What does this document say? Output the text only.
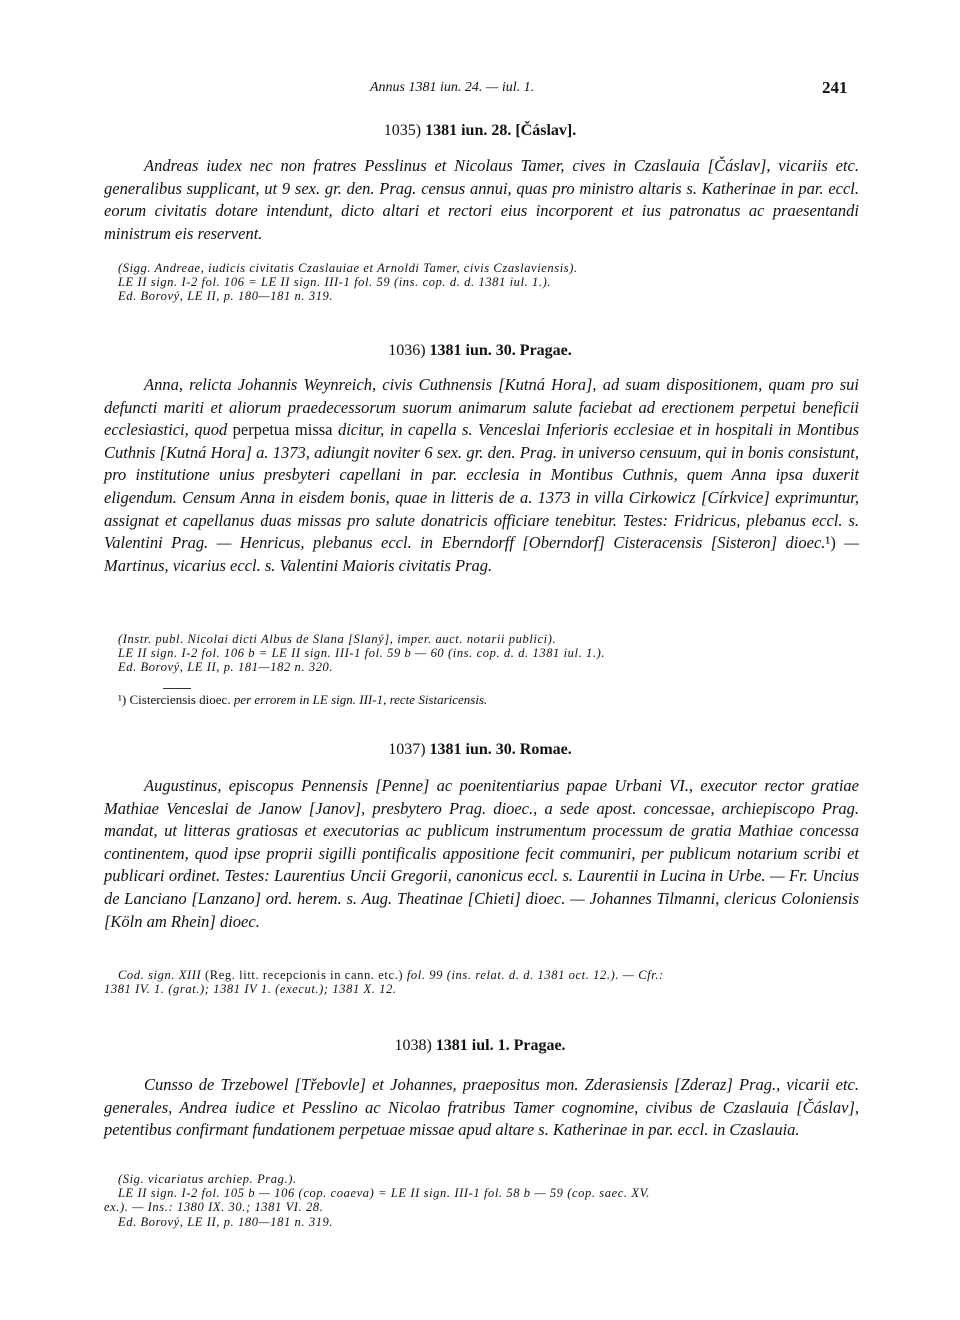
Annus 1381 iun. 24. — iul. 1.	241
1035) 1381 iun. 28. [Čáslav].

Andreas iudex nec non fratres Pesslinus et Nicolaus Tamer, cives in Czaslauia [Čáslav], vicariis etc. generalibus supplicant, ut 9 sex. gr. den. Prag. census annui, quas pro ministro altaris s. Katherinae in par. eccl. eorum civitatis dotare intendunt, dicto altari et rectori eius incorporent et ius patronatus ac praesentandi ministrum eis reservent.

(Sigg. Andreae, iudicis civitatis Czaslauiae et Arnoldi Tamer, civis Czaslaviensis).
LE II sign. I-2 fol. 106 = LE II sign. III-1 fol. 59 (ins. cop. d. d. 1381 iul. 1.).
Ed. Borový, LE II, p. 180—181 n. 319.
1036) 1381 iun. 30. Pragae.

Anna, relicta Johannis Weynreich, civis Cuthnensis [Kutná Hora], ad suam dispositionem, quam pro sui defuncti mariti et aliorum praedecessorum suorum animarum salute faciebat ad erectionem perpetui beneficii ecclesiastici, quod perpetua missa dicitur, in capella s. Venceslai Inferioris ecclesiae et in hospitali in Montibus Cuthnis [Kutná Hora] a. 1373, adiungit noviter 6 sex. gr. den. Prag. in universo censuum, qui in bonis consistunt, pro institutione unius presbyteri capellani in par. ecclesia in Montibus Cuthnis, quem Anna ipsa duxerit eligendum. Censum Anna in eisdem bonis, quae in litteris de a. 1373 in villa Cirkowicz [Církvice] exprimuntur, assignat et capellanus duas missas pro salute donatricis officiare tenebitur. Testes: Fridricus, plebanus eccl. s. Valentini Prag. — Henricus, plebanus eccl. in Eberndorff [Oberndorf] Cisteracensis [Sisteron] dioec.¹) — Martinus, vicarius eccl. s. Valentini Maioris civitatis Prag.

(Instr. publ. Nicolai dicti Albus de Slana [Slaný], imper. auct. notarii publici).
LE II sign. I-2 fol. 106 b = LE II sign. III-1 fol. 59 b — 60 (ins. cop. d. d. 1381 iul. 1.).
Ed. Borový, LE II, p. 181—182 n. 320.
¹) Cisterciensis dioec. per errorem in LE sign. III-1, recte Sistaricensis.
1037) 1381 iun. 30. Romae.

Augustinus, episcopus Pennensis [Penne] ac poenitentiarius papae Urbani VI., executor rector gratiae Mathiae Venceslai de Janow [Janov], presbytero Prag. dioec., a sede apost. concessae, archiepiscopo Prag. mandat, ut litteras gratiosas et executorias ac publicum instrumentum processum de gratia Mathiae concessa continentem, quod ipse proprii sigilli pontificalis appositione fecit communiri, per publicum notarium scribi et publicari ordinet. Testes: Laurentius Uncii Gregorii, canonicus eccl. s. Laurentii in Lucina in Urbe. — Fr. Uncius de Lanciano [Lanzano] ord. herem. s. Aug. Theatinae [Chieti] dioec. — Johannes Tilmanni, clericus Coloniensis [Köln am Rhein] dioec.

Cod. sign. XIII (Reg. litt. recepcionis in cann. etc.) fol. 99 (ins. relat. d. d. 1381 oct. 12.). — Cfr.:
1381 IV. 1. (grat.); 1381 IV 1. (execut.); 1381 X. 12.
1038) 1381 iul. 1. Pragae.

Cunsso de Trzebowel [Třebovle] et Johannes, praepositus mon. Zderasiensis [Zderaz] Prag., vicarii etc. generales, Andrea iudice et Pesslino ac Nicolao fratribus Tamer cognomine, civibus de Czaslauia [Čáslav], petentibus confirmant fundationem perpetuae missae apud altare s. Katherinae in par. eccl. in Czaslauia.

(Sig. vicariatus archiep. Prag.).
LE II sign. I-2 fol. 105 b — 106 (cop. coaeva) = LE II sign. III-1 fol. 58 b — 59 (cop. saec. XV.
ex.). — Ins.: 1380 IX. 30.; 1381 VI. 28.
Ed. Borový, LE II, p. 180—181 n. 319.
